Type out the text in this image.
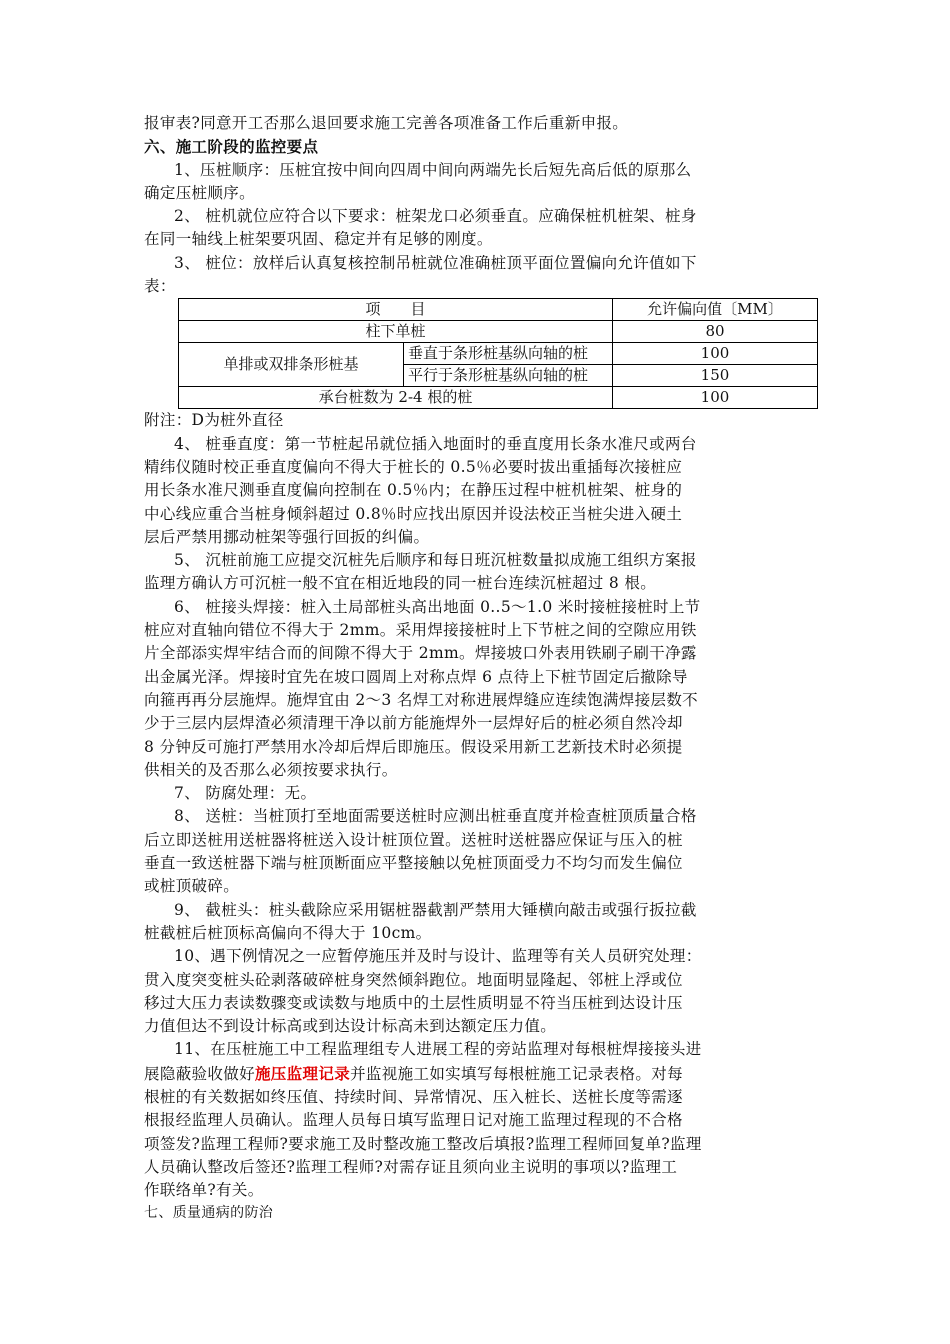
报审表?同意开工否那么退回要求施工完善各项准备工作后重新申报。
六、施工阶段的监控要点
1、压桩顺序：压桩宜按中间向四周中间向两端先长后短先高后低的原那么
确定压桩顺序。
2、 桩机就位应符合以下要求：桩架龙口必须垂直。应确保桩机桩架、桩身
在同一轴线上桩架要巩固、稳定并有足够的刚度。
3、 桩位：放样后认真复核控制吊桩就位准确桩顶平面位置偏向允许值如下
表：
项　　目		允许偏向值〔MM〕
柱下单桩		80
单排或双排条形桩基	垂直于条形桩基纵向轴的桩	100
	平行于条形桩基纵向轴的桩	150
承台桩数为 2-4 根的桩		100
附注：D为桩外直径
4、 桩垂直度：第一节桩起吊就位插入地面时的垂直度用长条水准尺或两台
精纬仪随时校正垂直度偏向不得大于桩长的 0.5％必要时拔出重插每次接桩应
用长条水准尺测垂直度偏向控制在 0.5％内；在静压过程中桩机桩架、桩身的
中心线应重合当桩身倾斜超过 0.8％时应找出原因并设法校正当桩尖进入硬土
层后严禁用挪动桩架等强行回扳的纠偏。
5、 沉桩前施工应提交沉桩先后顺序和每日班沉桩数量拟成施工组织方案报
监理方确认方可沉桩一般不宜在相近地段的同一桩台连续沉桩超过 8 根。
6、 桩接头焊接：桩入土局部桩头高出地面 0..5～1.0 米时接桩接桩时上节
桩应对直轴向错位不得大于 2mm。采用焊接接桩时上下节桩之间的空隙应用铁
片全部添实焊牢结合而的间隙不得大于 2mm。焊接坡口外表用铁刷子刷干净露
出金属光泽。焊接时宜先在坡口圆周上对称点焊 6 点待上下桩节固定后撤除导
向箍再再分层施焊。施焊宜由 2～3 名焊工对称进展焊缝应连续饱满焊接层数不
少于三层内层焊渣必须清理干净以前方能施焊外一层焊好后的桩必须自然冷却
8 分钟反可施打严禁用水冷却后焊后即施压。假设采用新工艺新技术时必须提
供相关的及否那么必须按要求执行。
7、 防腐处理：无。
8、 送桩：当桩顶打至地面需要送桩时应测出桩垂直度并检查桩顶质量合格
后立即送桩用送桩器将桩送入设计桩顶位置。送桩时送桩器应保证与压入的桩
垂直一致送桩器下端与桩顶断面应平整接触以免桩顶面受力不均匀而发生偏位
或桩顶破碎。
9、 截桩头：桩头截除应采用锯桩器截割严禁用大锤横向敲击或强行扳拉截
桩截桩后桩顶标高偏向不得大于 10cm。
10、遇下例情况之一应暂停施压并及时与设计、监理等有关人员研究处理：
贯入度突变桩头砼剥落破碎桩身突然倾斜跑位。地面明显隆起、邻桩上浮或位
移过大压力表读数骤变或读数与地质中的土层性质明显不符当压桩到达设计压
力值但达不到设计标高或到达设计标高未到达额定压力值。
11、在压桩施工中工程监理组专人进展工程的旁站监理对每根桩焊接接头进
展隐蔽验收做好施压监理记录并监视施工如实填写每根桩施工记录表格。对每
根桩的有关数据如终压值、持续时间、异常情况、压入桩长、送桩长度等需逐
根报经监理人员确认。监理人员每日填写监理日记对施工监理过程现的不合格
项签发?监理工程师?要求施工及时整改施工整改后填报?监理工程师回复单?监理
人员确认整改后签还?监理工程师?对需存证且须向业主说明的事项以?监理工
作联络单?有关。
七、质量通病的防治
